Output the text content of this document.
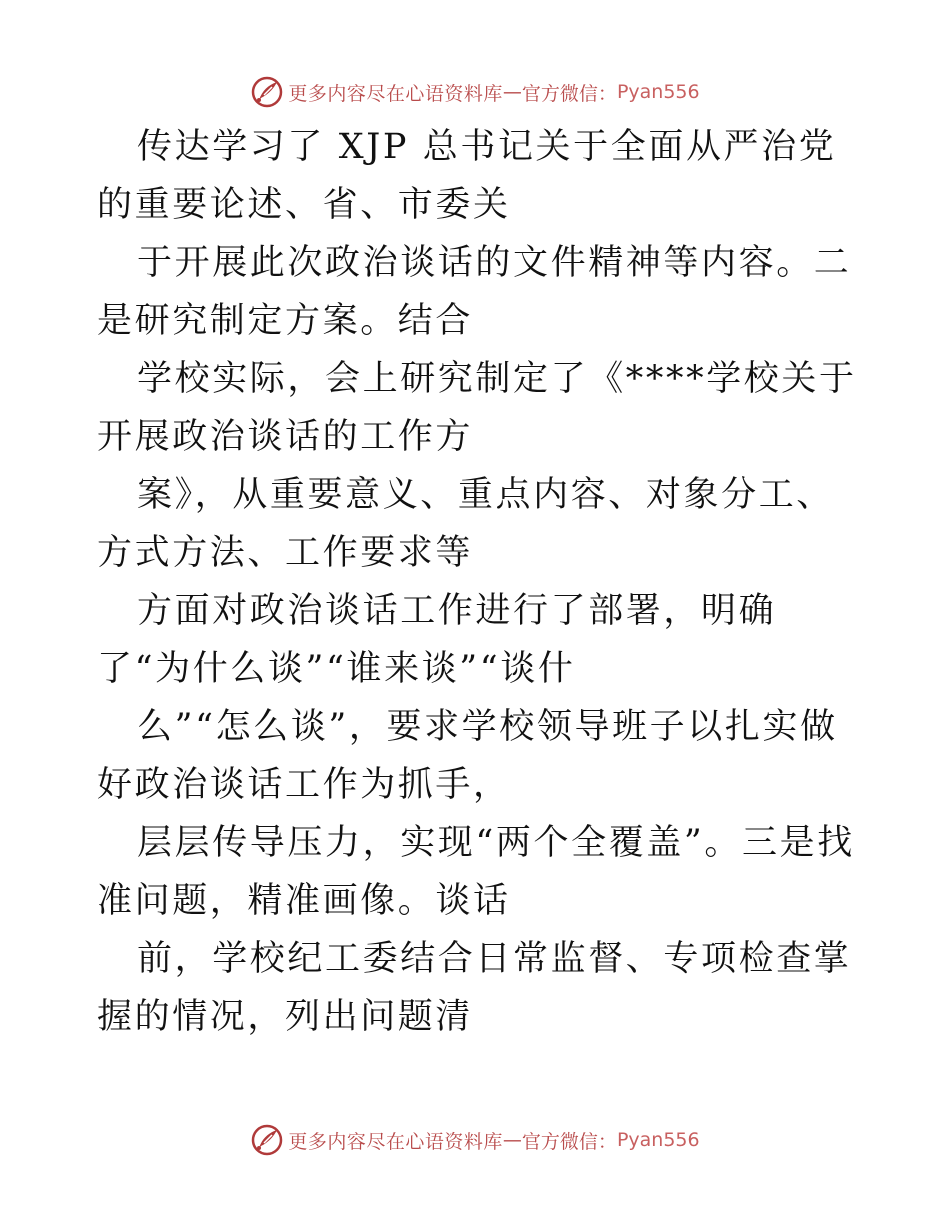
更多内容尽在心语资料库 — 官方微信： Pyan556

传达学习了 XJP 总书记关于全面从严治党的重要论述、省、市委关

于开展此次政治谈话的文件精神等内容。二是研究制定方案。结合

学校实际，会上研究制定了《****学校关于开展政治谈话的工作方

案》，从重要意义、重点内容、对象分工、方式方法、工作要求等

方面对政治谈话工作进行了部署，明确了“为什么谈”“谁来谈”“谈什

么”“怎么谈”，要求学校领导班子以扎实做好政治谈话工作为抓手，

层层传导压力，实现“两个全覆盖”。三是找准问题，精准画像。谈话

前，学校纪工委结合日常监督、专项检查掌握的情况，列出问题清

更多内容尽在心语资料库 — 官方微信： Pyan556
